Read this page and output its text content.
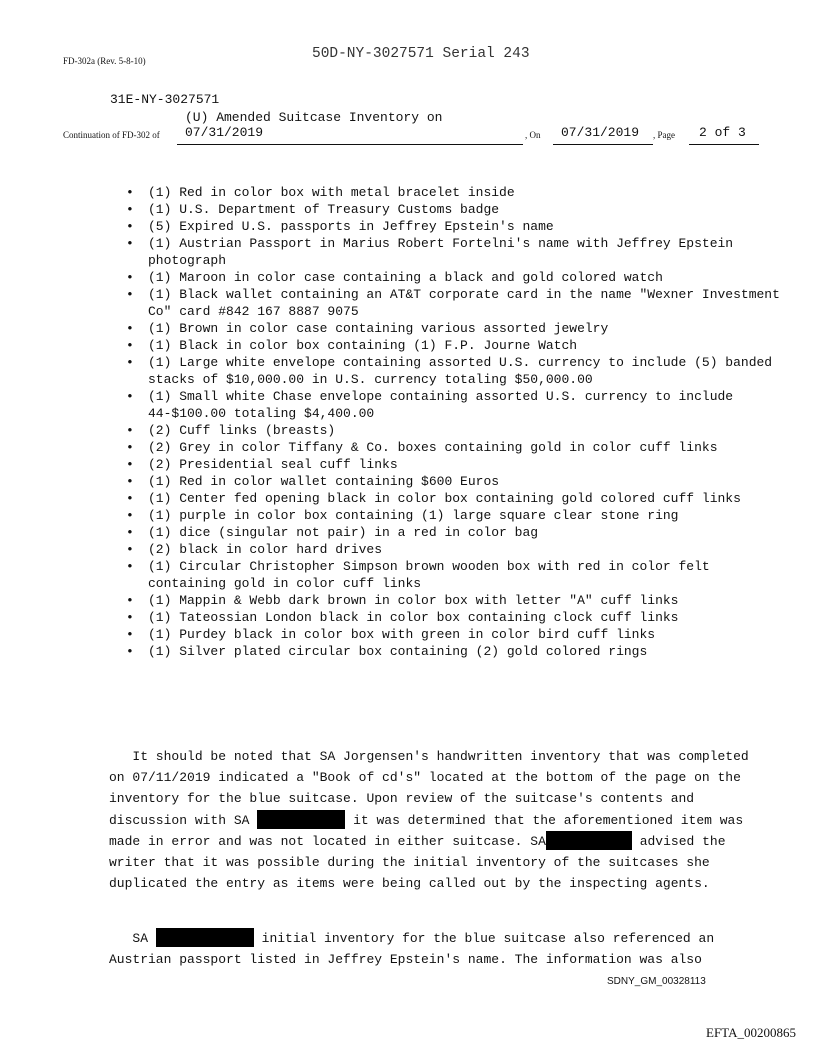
FD-302a (Rev. 5-8-10)	50D-NY-3027571 Serial 243
31E-NY-3027571
(U) Amended Suitcase Inventory on
Continuation of FD-302 of 07/31/2019	, On 07/31/2019 , Page 2 of 3
•	(1) Red in color box with metal bracelet inside
•	(1) U.S. Department of Treasury Customs badge
•	(5) Expired U.S. passports in Jeffrey Epstein's name
•	(1) Austrian Passport in Marius Robert Fortelni's name with Jeffrey Epstein photograph
•	(1) Maroon in color case containing a black and gold colored watch
•	(1) Black wallet containing an AT&T corporate card in the name "Wexner Investment Co" card #842 167 8887 9075
•	(1) Brown in color case containing various assorted jewelry
•	(1) Black in color box containing (1) F.P. Journe Watch
•	(1) Large white envelope containing assorted U.S. currency to include (5) banded stacks of $10,000.00 in U.S. currency totaling $50,000.00
•	(1) Small white Chase envelope containing assorted U.S. currency to include 44-$100.00 totaling $4,400.00
•	(2) Cuff links (breasts)
•	(2) Grey in color Tiffany & Co. boxes containing gold in color cuff links
•	(2) Presidential seal cuff links
•	(1) Red in color wallet containing $600 Euros
•	(1) Center fed opening black in color box containing gold colored cuff links
•	(1) purple in color box containing (1) large square clear stone ring
•	(1) dice (singular not pair) in a red in color bag
•	(2) black in color hard drives
•	(1) Circular Christopher Simpson brown wooden box with red in color felt containing gold in color cuff links
•	(1) Mappin & Webb dark brown in color box with letter "A" cuff links
•	(1) Tateossian London black in color box containing clock cuff links
•	(1) Purdey black in color box with green in color bird cuff links
•	(1) Silver plated circular box containing (2) gold colored rings

It should be noted that SA Jorgensen's handwritten inventory that was completed on 07/11/2019 indicated a "Book of cd's" located at the bottom of the page on the inventory for the blue suitcase. Upon review of the suitcase's contents and discussion with SA	it was determined that the aforementioned item was made in error and was not located in either suitcase. SA	advised the writer that it was possible during the initial inventory of the suitcases she duplicated the entry as items were being called out by the inspecting agents.

SA	initial inventory for the blue suitcase also referenced an Austrian passport listed in Jeffrey Epstein's name. The information was also

SDNY_GM_00328113
EFTA_00200865
